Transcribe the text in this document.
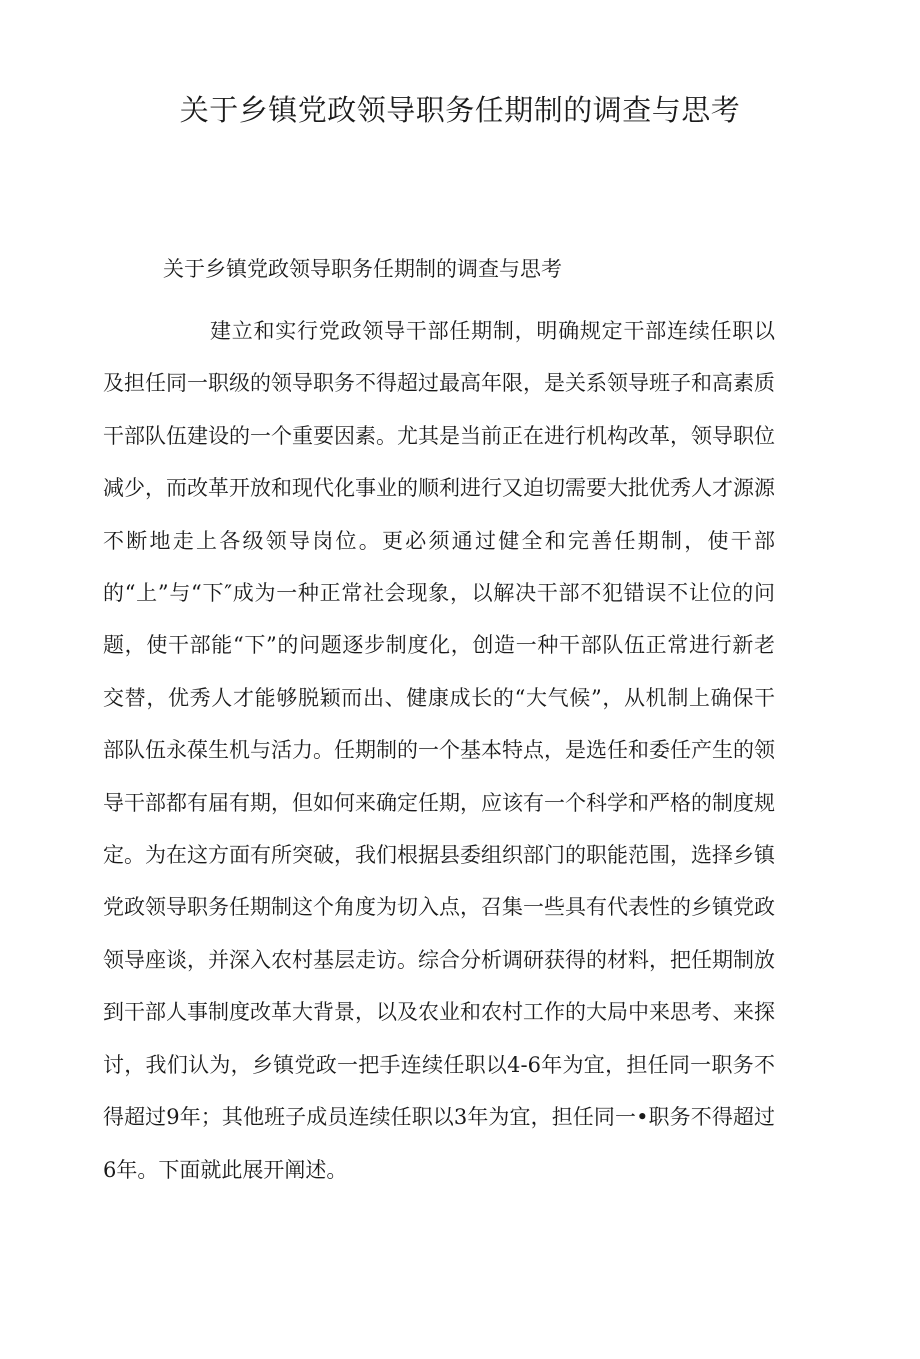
关于乡镇党政领导职务任期制的调查与思考

关于乡镇党政领导职务任期制的调查与思考

建立和实行党政领导干部任期制，明确规定干部连续任职以及担任同一职级的领导职务不得超过最高年限，是关系领导班子和高素质干部队伍建设的一个重要因素。尤其是当前正在进行机构改革，领导职位减少，而改革开放和现代化事业的顺利进行又迫切需要大批优秀人才源源不断地走上各级领导岗位。更必须通过健全和完善任期制，使干部的“上”与“下″成为一种正常社会现象，以解决干部不犯错误不让位的问题，使干部能“下”的问题逐步制度化，创造一种干部队伍正常进行新老交替，优秀人才能够脱颖而出、健康成长的“大气候”，从机制上确保干部队伍永葆生机与活力。任期制的一个基本特点，是选任和委任产生的领导干部都有届有期，但如何来确定任期，应该有一个科学和严格的制度规定。为在这方面有所突破，我们根据县委组织部门的职能范围，选择乡镇党政领导职务任期制这个角度为切入点，召集一些具有代表性的乡镇党政领导座谈，并深入农村基层走访。综合分析调研获得的材料，把任期制放到干部人事制度改革大背景，以及农业和农村工作的大局中来思考、来探讨，我们认为，乡镇党政一把手连续任职以4-6年为宜，担任同一职务不得超过9年；其他班子成员连续任职以3年为宜，担任同一•职务不得超过6年。下面就此展开阐述。
